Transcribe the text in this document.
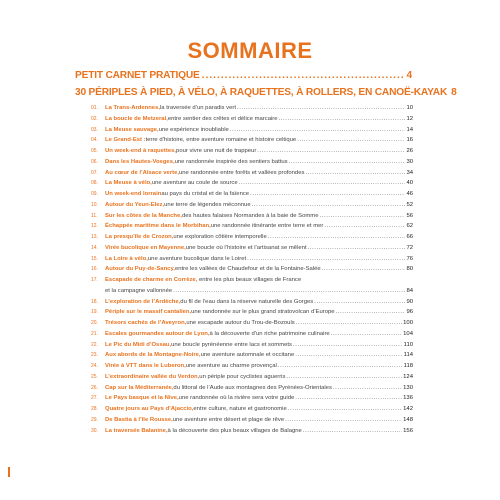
SOMMAIRE
PETIT CARNET PRATIQUE .....	4
30 PÉRIPLES À PIED, À VÉLO, À RAQUETTES, À ROLLERS, EN CANOË-KAYAK 8
01.	La Trans-Ardennes, la traversée d’un paradis vert .....	10
02.	La boucle de Metzeral, entre sentier des crêtes et délice marcaire .....	12
03.	La Meuse sauvage, une expérience inoubliable .....	14
04.	Le Grand-Est : terre d’histoire, entre aventure romaine et histoire celtique .....	16
05.	Un week-end à raquettes, pour vivre une nuit de trappeur .....	26
06.	Dans les Hautes-Vosges, une randonnée inspirée des sentiers battus .....	30
07.	Au cœur de l’Alsace verte, une randonnée entre forêts et vallées profondes .....	34
08.	La Meuse à vélo, une aventure au coule de source .....	40
09.	Un week-end lorrain au pays du cristal et de la faïence .....	46
10.	Autour du Yeun-Elez, une terre de légendes méconnue .....	52
11.	Sur les côtes de la Manche, des hautes falaises Normandes à la baie de Somme .....	56
12.	Échappée maritime dans le Morbihan, une randonnée itinérante entre terre et mer .....	62
13.	La presqu’île de Crozon, une exploration côtière intemporelle .....	66
14.	Virée bucolique en Mayenne, une boucle où l’histoire et l’artisanat se mêlent .....	72
15.	La Loire à vélo, une aventure bucolique dans le Loiret .....	76
16.	Autour du Puy-de-Sancy, entre les vallées de Chaudefour et de la Fontaine-Salée .....	80
17.	Escapade de charme en Corrèze, entre les plus beaux villages de France
et la campagne vallonnée .....	84
18.	L’exploration de l’Ardèche, du fil de l’eau dans la réserve naturelle des Gorges .....	90
19.	Périple sur le massif cantalien, une randonnée sur le plus grand stratovolcan d’Europe .....	96
20.	Trésors cachés de l’Aveyron, une escapade autour du Trou-de-Bozouls .....	100
21.	Escales gourmandes autour de Lyon, à la découverte d’un riche patrimoine culinaire .....	104
22.	Le Pic du Midi d’Ossau, une boucle pyrénéenne entre lacs et sommets .....	110
23.	Aux abords de la Montagne-Noire, une aventure automnale et occitane .....	114
24.	Virée à VTT dans le Luberon, une aventure au charme provençal .....	118
25.	L’extraordinaire vallée du Verdon, un périple pour cyclistes aguerris .....	124
26.	Cap sur la Méditerranée, du littoral de l’Aude aux montagnes des Pyrénées-Orientales .....	130
27.	Le Pays basque et la Nive, une randonnée où la rivière sera votre guide .....	136
28.	Quatre jours au Pays d’Ajaccio, entre culture, nature et gastronomie .....	142
29.	De Bastia à l’île Rousse, une aventure entre désert et plage de rêve .....	148
30.	La traversée Balanine, à la découverte des plus beaux villages de Balagne .....	156
